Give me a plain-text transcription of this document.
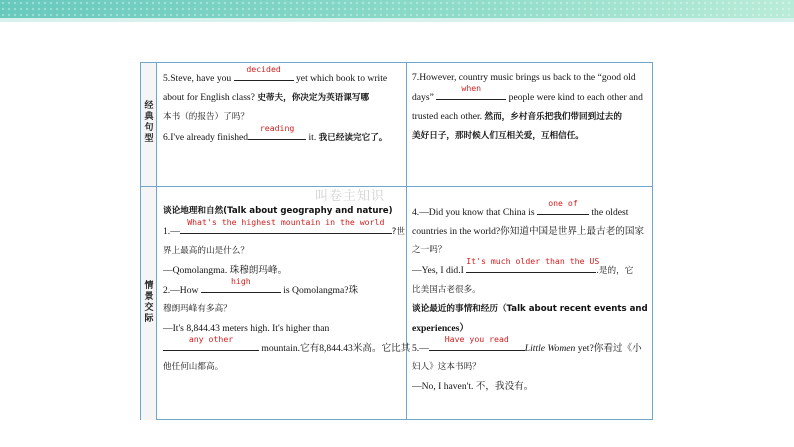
经
典
句
型
情
景
交
际
5.Steve, have you
decided
yet which book to write
about for English class? 史蒂夫，你决定为英语课写哪
本书（的报告）了吗？
6.I've already finished
reading
it. 我已经读完它了。
7.However, country music brings us back to the “good old
days”
when
people were kind to each other and
trusted each other. 然而，乡村音乐把我们带回到过去的
美好日子，那时候人们互相关爱，互相信任。
谈论地理和自然(Talk about geography and nature)
1.—
What's the highest mountain in the world
?世
界上最高的山是什么？
—Qomolangma. 珠穆朗玛峰。
2.—How
high
is Qomolangma?珠
穆朗玛峰有多高？
—It's 8,844.43 meters high. It's higher than
any other
mountain.它有8,844.43米高。它比其
他任何山都高。
4.—Did you know that China is
one of
the oldest
countries in the world?你知道中国是世界上最古老的国家
之一吗？
—Yes, I did.I
It's much older than the US
.是的，它
比美国古老很多。
谈论最近的事情和经历（Talk about recent events and
experiences）
5.—
Have you read
Little Women yet?你看过《小
妇人》这本书吗？
—No, I haven't. 不，我没有。
叫卷主知识
